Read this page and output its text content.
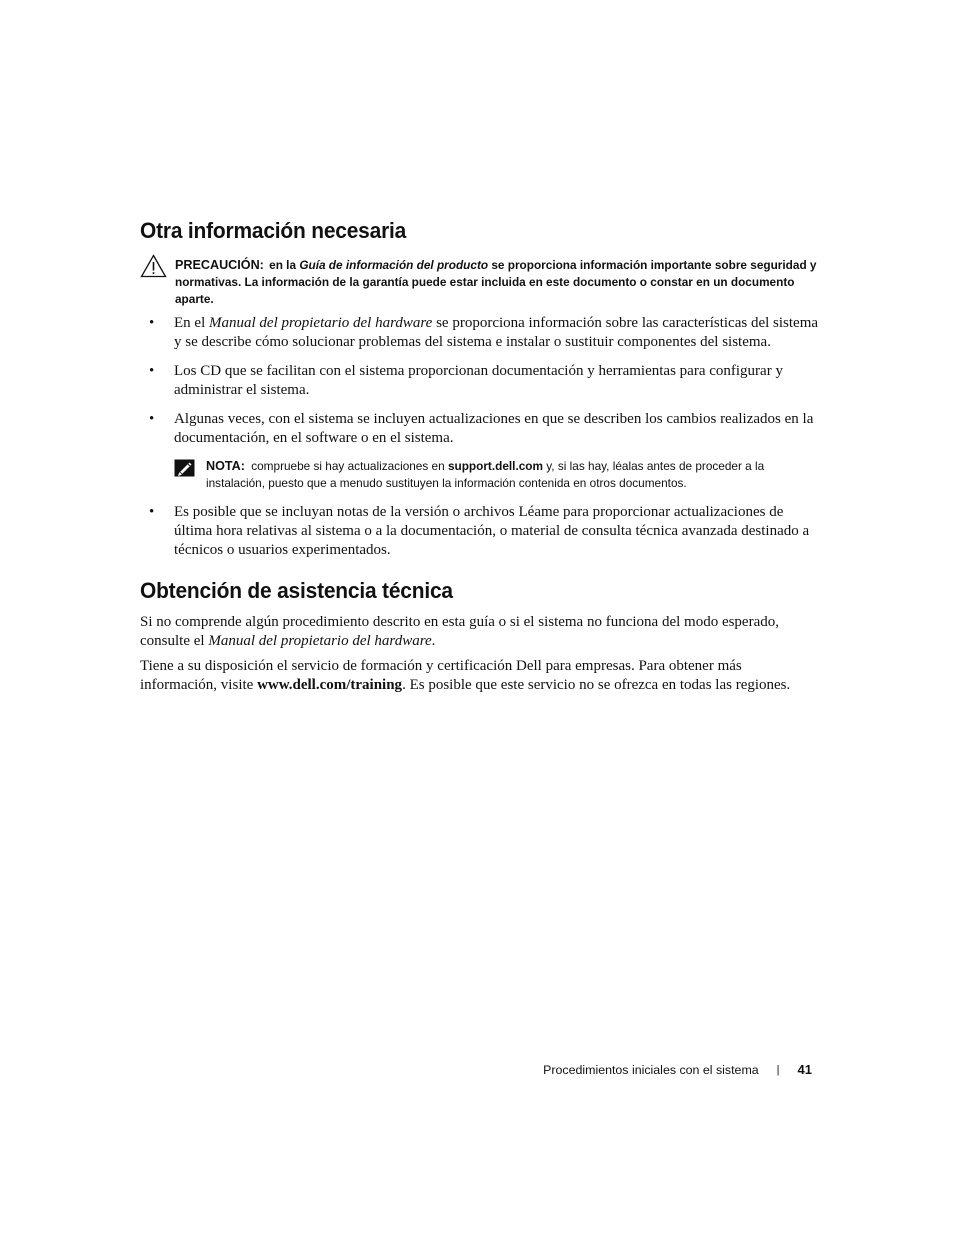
Otra información necesaria
PRECAUCIÓN: en la Guía de información del producto se proporciona información importante sobre seguridad y normativas. La información de la garantía puede estar incluida en este documento o constar en un documento aparte.
• En el Manual del propietario del hardware se proporciona información sobre las características del sistema y se describe cómo solucionar problemas del sistema e instalar o sustituir componentes del sistema.
• Los CD que se facilitan con el sistema proporcionan documentación y herramientas para configurar y administrar el sistema.
• Algunas veces, con el sistema se incluyen actualizaciones en que se describen los cambios realizados en la documentación, en el software o en el sistema.
NOTA: compruebe si hay actualizaciones en support.dell.com y, si las hay, léalas antes de proceder a la instalación, puesto que a menudo sustituyen la información contenida en otros documentos.
• Es posible que se incluyan notas de la versión o archivos Léame para proporcionar actualizaciones de última hora relativas al sistema o a la documentación, o material de consulta técnica avanzada destinado a técnicos o usuarios experimentados.
Obtención de asistencia técnica

Si no comprende algún procedimiento descrito en esta guía o si el sistema no funciona del modo esperado, consulte el Manual del propietario del hardware.

Tiene a su disposición el servicio de formación y certificación Dell para empresas. Para obtener más información, visite www.dell.com/training. Es posible que este servicio no se ofrezca en todas las regiones.

Procedimientos iniciales con el sistema | 41
